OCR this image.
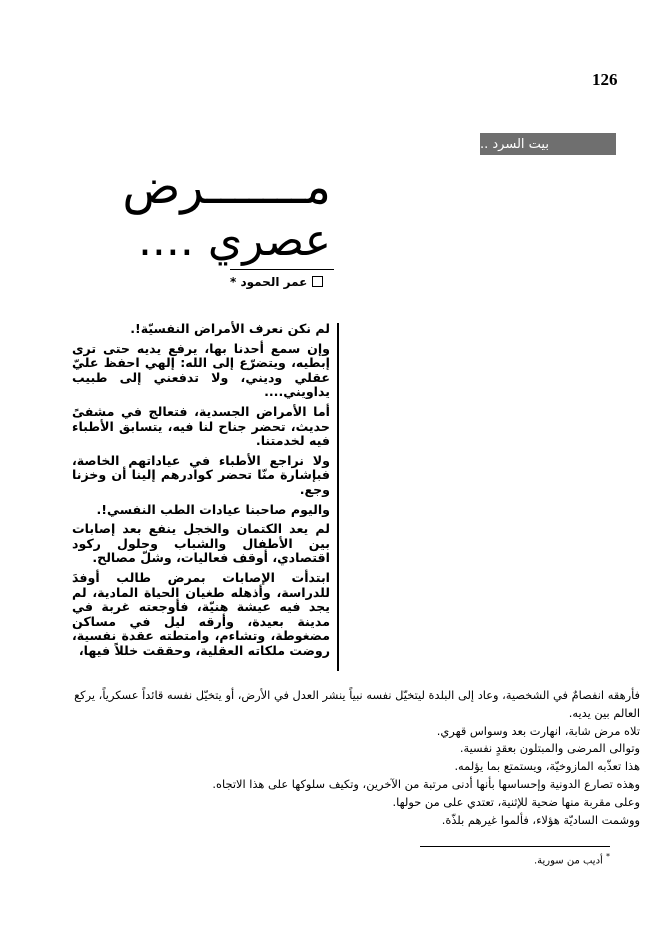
126
بيت السرد ..
مـــــــرض
عصري ....
عمر الحمود *

لم نكن نعرف الأمراض النفسيّة!.

وإن سمع أحدنا بها، يرفع يديه حتى ترى إبطيه، ويتضرّع إلى الله: إلهي احفظ عليّ عقلي وديني، ولا تدفعني إلى طبيب يداويني....

أما الأمراض الجسدية، فتعالج في مشفىً حديث، تحضر جناح لنا فيه، يتسابق الأطباء فيه لخدمتنا.

ولا نراجع الأطباء في عياداتهم الخاصة، فبإشارة منّا تحضر كوادرهم إلينا أن وخزنا وجع.

واليوم صاحبنا عيادات الطب النفسي!.

لم يعد الكتمان والخجل ينفع بعد إصابات بين الأطفال والشباب وحلول ركود اقتصادي، أوقف فعاليات، وشلّ مصالح.

ابتدأت الإصابات بمرض طالب أوفدَ للدراسة، وأذهله طغيان الحياة المادية، لم يجد فيه عيشة هنيّة، فأوجعته غربة في مدينة بعيدة، وأرقه ليل في مساكن مضغوطة، وتشاءم، وامتطته عقدة نفسية، روضت ملكاته العقلية، وحققت خللاً فيها،

فأرهقه انفصامٌ في الشخصية، وعاد إلى البلدة ليتخيّل نفسه نبياً ينشر العدل في الأرض، أو يتخيّل نفسه قائداً عسكرياً، يركع العالم بين يديه.

تلاه مرض شابة، انهارت بعد وسواس قهري.

وتوالى المرضى والمبتلون بعقدٍ نفسية.

هذا تعذّبه المازوخيّة، ويستمتع بما يؤلمه.

وهذه تصارع الدونية وإحساسها بأنها أدنى مرتبة من الآخرين، وتكيف سلوكها على هذا الاتجاه.

وعلى مقربة منها ضحية للإثنية، تعتدي على من حولها.

ووشمت الساديّة هؤلاء، فألموا غيرهم بلذّة.

* أديب من سورية.
